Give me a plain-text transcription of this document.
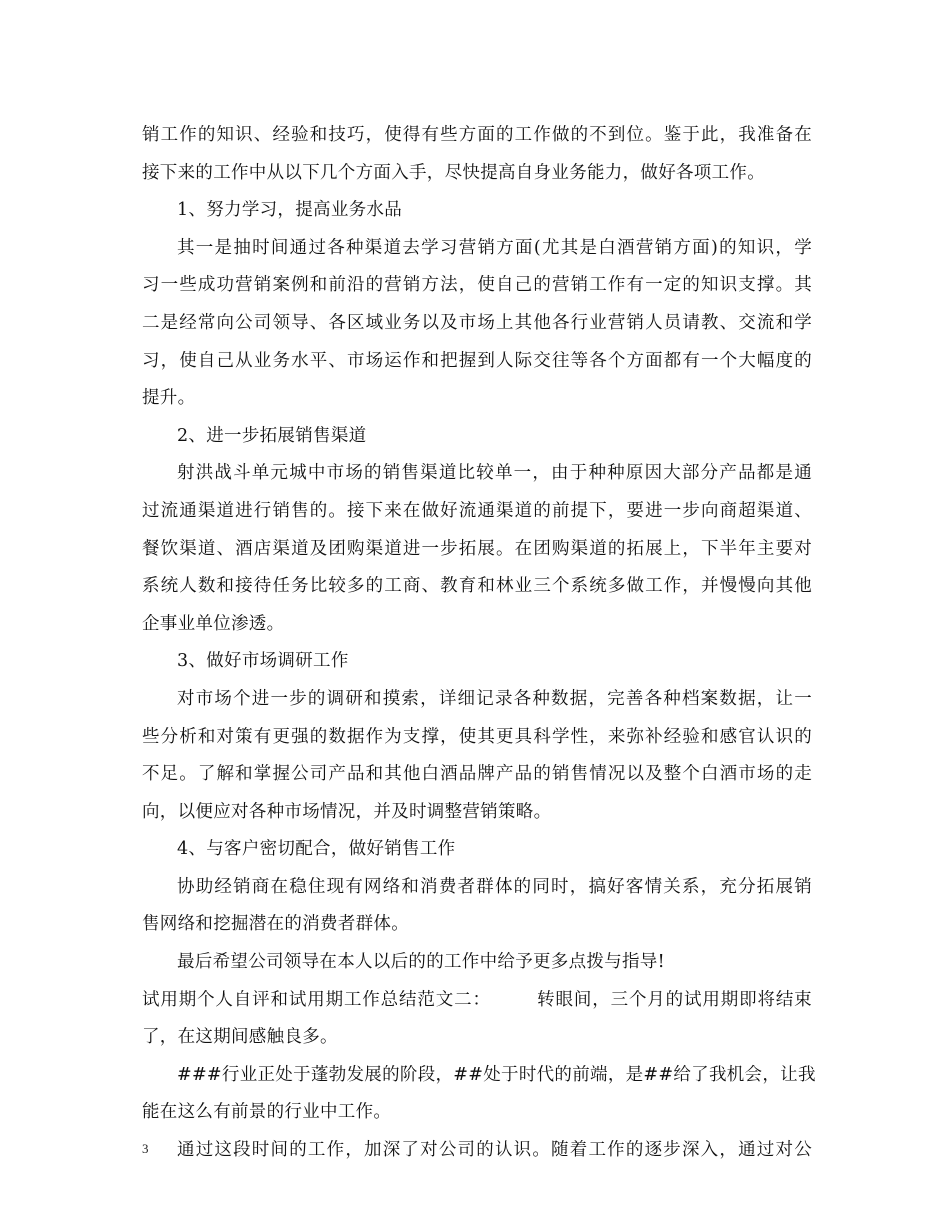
销工作的知识、经验和技巧，使得有些方面的工作做的不到位。鉴于此，我准备在
接下来的工作中从以下几个方面入手，尽快提高自身业务能力，做好各项工作。
1、努力学习，提高业务水品
其一是抽时间通过各种渠道去学习营销方面(尤其是白酒营销方面)的知识，学
习一些成功营销案例和前沿的营销方法，使自己的营销工作有一定的知识支撑。其
二是经常向公司领导、各区域业务以及市场上其他各行业营销人员请教、交流和学
习，使自己从业务水平、市场运作和把握到人际交往等各个方面都有一个大幅度的
提升。
2、进一步拓展销售渠道
射洪战斗单元城中市场的销售渠道比较单一，由于种种原因大部分产品都是通
过流通渠道进行销售的。接下来在做好流通渠道的前提下，要进一步向商超渠道、
餐饮渠道、酒店渠道及团购渠道进一步拓展。在团购渠道的拓展上，下半年主要对
系统人数和接待任务比较多的工商、教育和林业三个系统多做工作，并慢慢向其他
企事业单位渗透。
3、做好市场调研工作
对市场个进一步的调研和摸索，详细记录各种数据，完善各种档案数据，让一
些分析和对策有更强的数据作为支撑，使其更具科学性，来弥补经验和感官认识的
不足。了解和掌握公司产品和其他白酒品牌产品的销售情况以及整个白酒市场的走
向，以便应对各种市场情况，并及时调整营销策略。
4、与客户密切配合，做好销售工作
协助经销商在稳住现有网络和消费者群体的同时，搞好客情关系，充分拓展销
售网络和挖掘潜在的消费者群体。
最后希望公司领导在本人以后的的工作中给予更多点拨与指导!
试用期个人自评和试用期工作总结范文二：　　　转眼间，三个月的试用期即将结束
了，在这期间感触良多。
###行业正处于蓬勃发展的阶段，##处于时代的前端，是##给了我机会，让我
能在这么有前景的行业中工作。
通过这段时间的工作，加深了对公司的认识。随着工作的逐步深入，通过对公
3
